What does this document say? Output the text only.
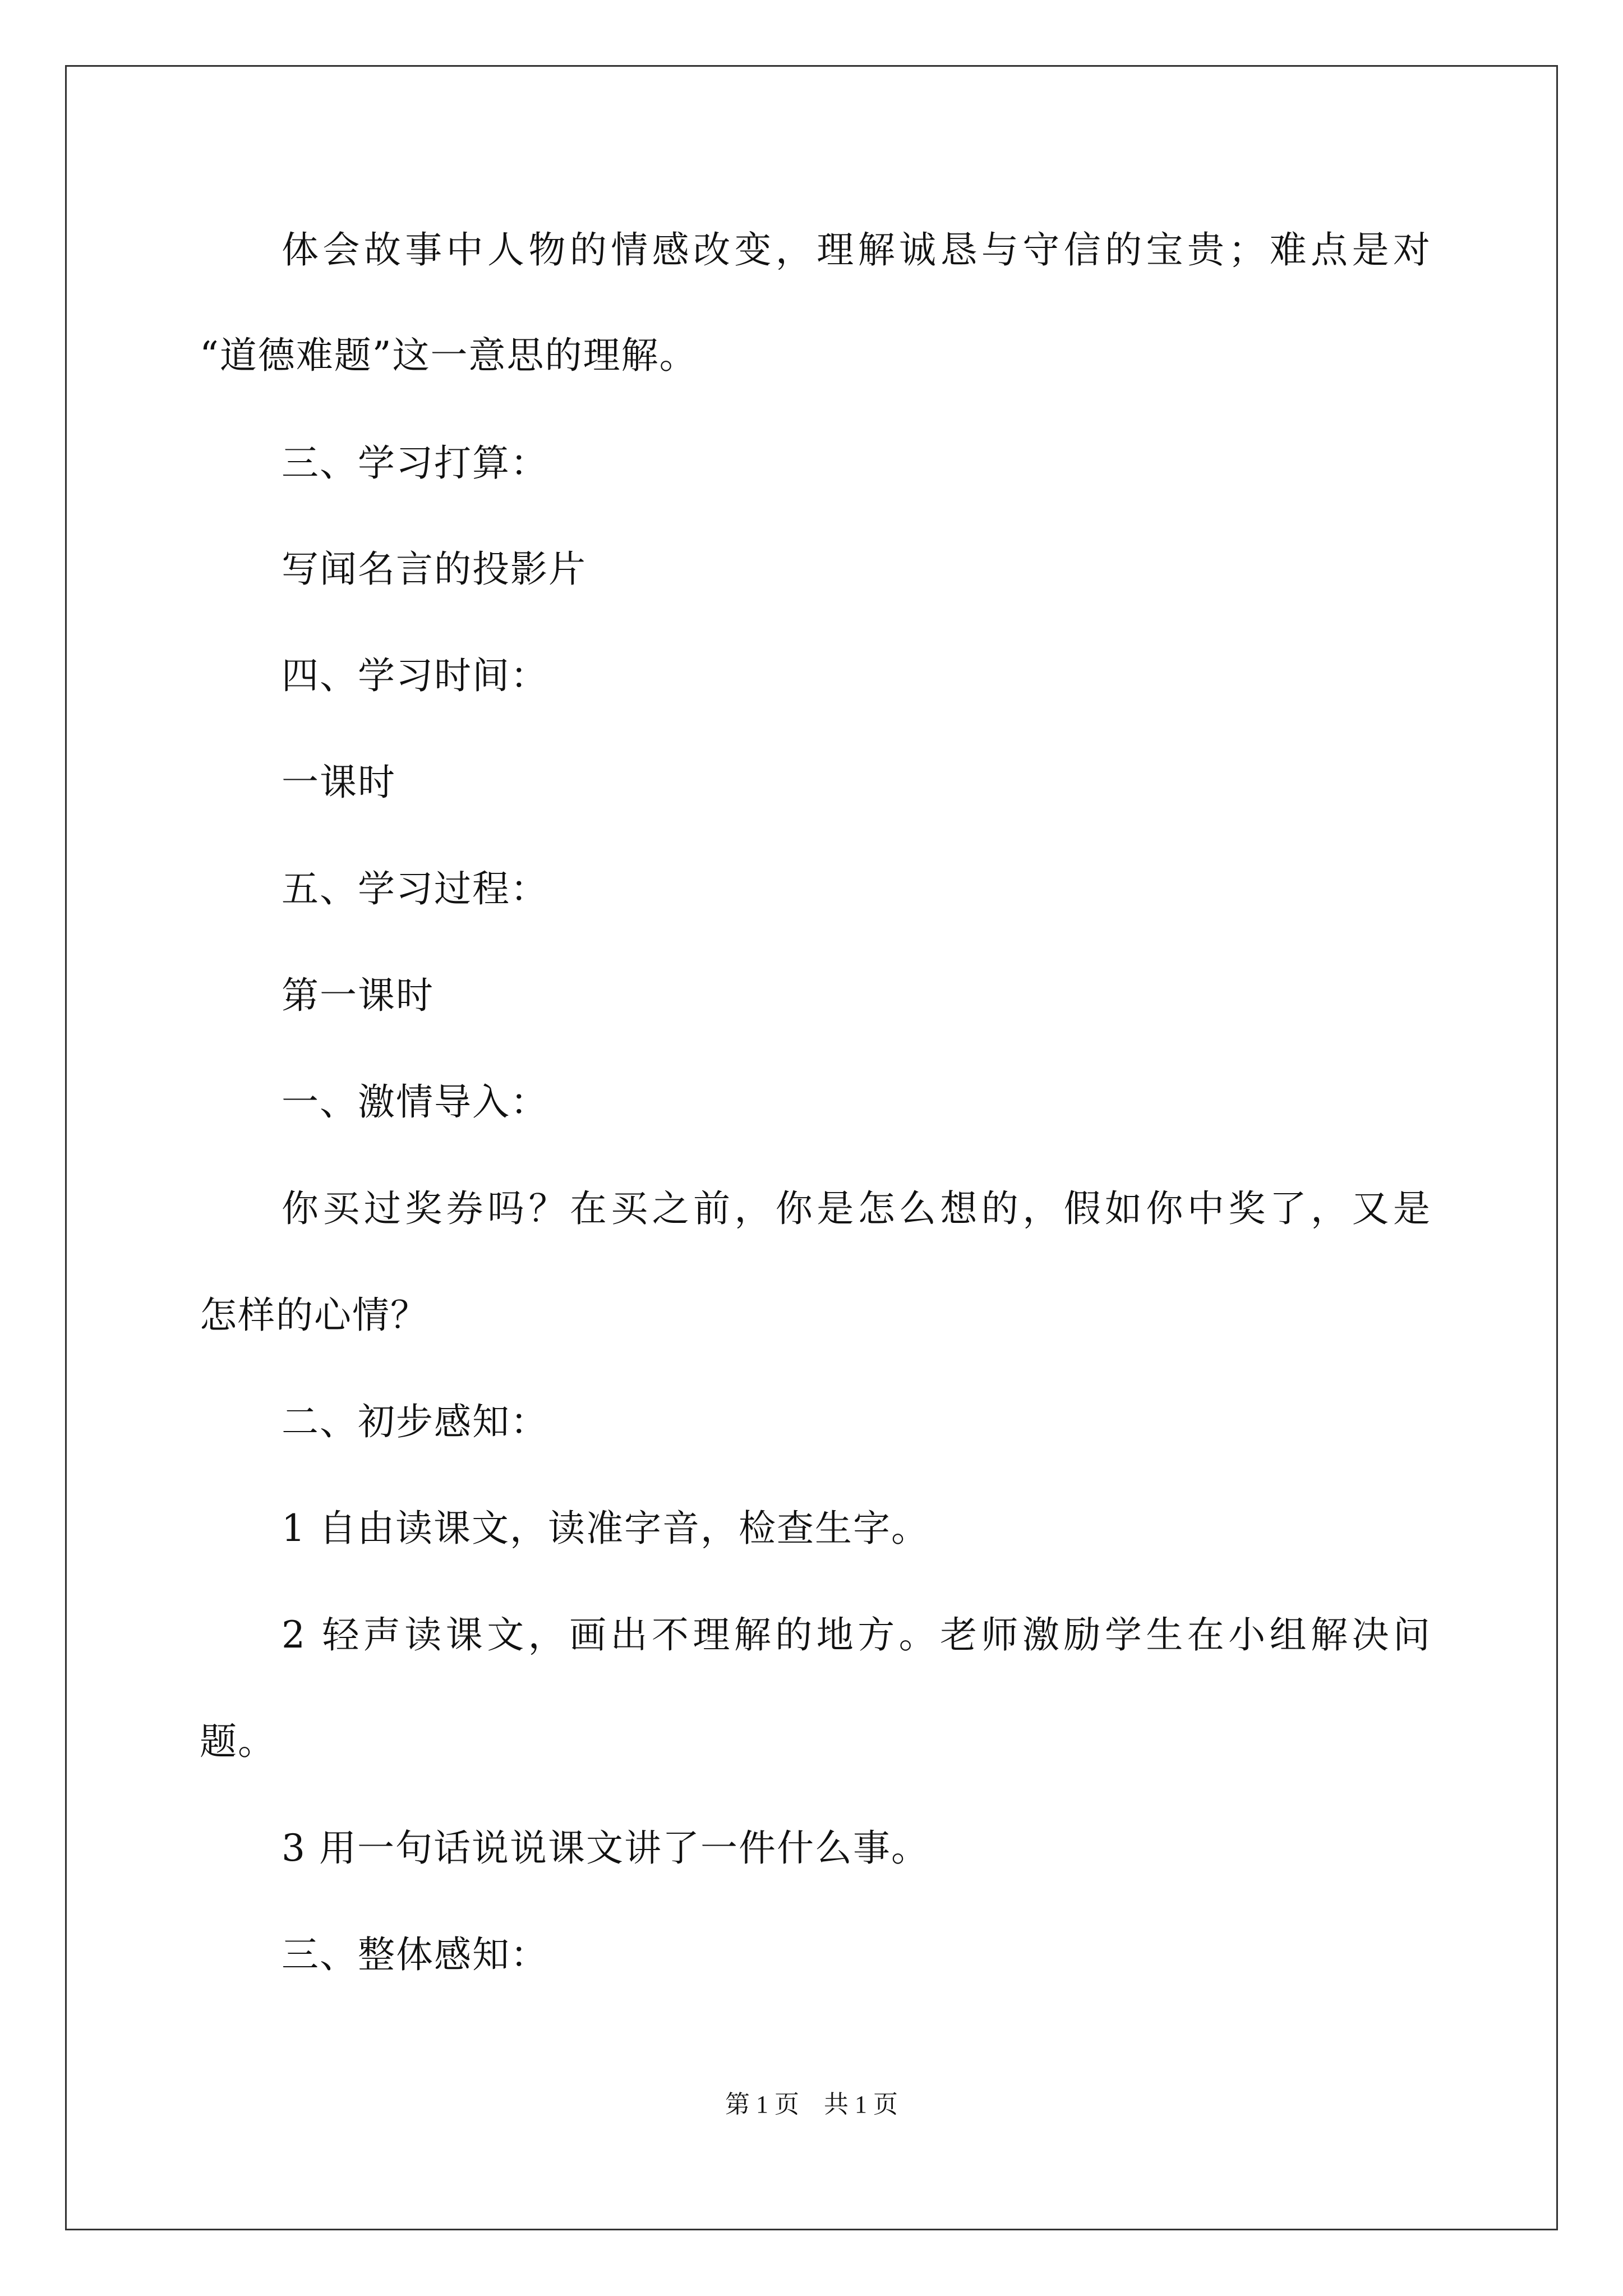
体会故事中人物的情感改变，理解诚恳与守信的宝贵；难点是对
“道德难题”这一意思的理解。
三、学习打算：
写闻名言的投影片
四、学习时间：
一课时
五、学习过程：
第一课时
一、激情导入：
你买过奖券吗？在买之前，你是怎么想的，假如你中奖了，又是
怎样的心情？
二、初步感知：
1 自由读课文，读准字音，检查生字。
2 轻声读课文，画出不理解的地方。老师激励学生在小组解决问
题。
3 用一句话说说课文讲了一件什么事。
三、整体感知：
第 1 页    共 1 页
